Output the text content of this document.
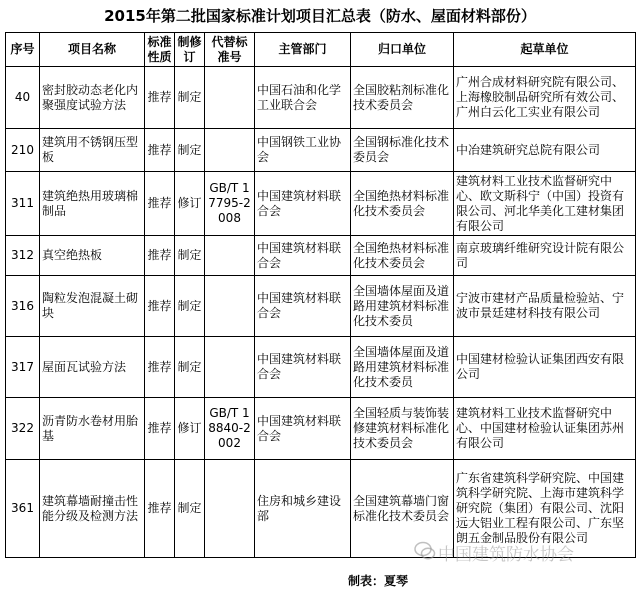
2015年第二批国家标准计划项目汇总表（防水、屋面材料部份）
序号	项目名称	标准性质	制修订	代替标准号	主管部门	归口单位	起草单位
40	密封胶动态老化内聚强度试验方法	推荐	制定		中国石油和化学工业联合会	全国胶粘剂标准化技术委员会	广州合成材料研究院有限公司、上海橡胶制品研究所有效公司、广州白云化工实业有限公司
210	建筑用不锈钢压型板	推荐	制定		中国钢铁工业协会	全国钢标准化技术委员会	中冶建筑研究总院有限公司
311	建筑绝热用玻璃棉制品	推荐	修订	GB/T 17795-2008	中国建筑材料联合会	全国绝热材料标准化技术委员会	建筑材料工业技术监督研究中心、欧文斯科宁（中国）投资有限公司、河北华美化工建材集团有限公司
312	真空绝热板	推荐	制定		中国建筑材料联合会	全国绝热材料标准化技术委员会	南京玻璃纤维研究设计院有限公司
316	陶粒发泡混凝土砌块	推荐	制定		中国建筑材料联合会	全国墙体屋面及道路用建筑材料标准化技术委员	宁波市建材产品质量检验站、宁波市景廷建材科技有限公司
317	屋面瓦试验方法	推荐	制定		中国建筑材料联合会	全国墙体屋面及道路用建筑材料标准化技术委员	中国建材检验认证集团西安有限公司
322	沥青防水卷材用胎基	推荐	修订	GB/T 18840-2002	中国建筑材料联合会	全国轻质与装饰装修建筑材料标准化技术委员会	建筑材料工业技术监督研究中心、中国建材检验认证集团苏州有限公司
361	建筑幕墙耐撞击性能分级及检测方法	推荐	制定		住房和城乡建设部	全国建筑幕墙门窗标准化技术委员会	广东省建筑科学研究院、中国建筑科学研究院、上海市建筑科学研究院（集团）有限公司、沈阳远大铝业工程有限公司、广东坚朗五金制品股份有限公司
中国建筑防水协会
制表：夏琴
